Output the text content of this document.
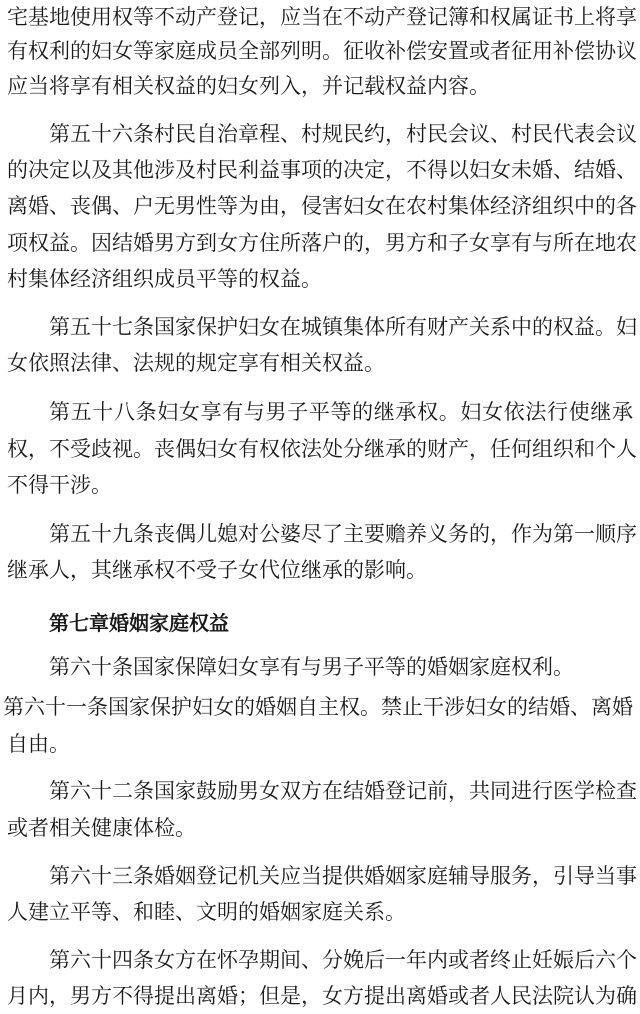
宅基地使用权等不动产登记，应当在不动产登记簿和权属证书上将享
有权利的妇女等家庭成员全部列明。征收补偿安置或者征用补偿协议
应当将享有相关权益的妇女列入，并记载权益内容。
第五十六条村民自治章程、村规民约，村民会议、村民代表会议
的决定以及其他涉及村民利益事项的决定，不得以妇女未婚、结婚、
离婚、丧偶、户无男性等为由，侵害妇女在农村集体经济组织中的各
项权益。因结婚男方到女方住所落户的，男方和子女享有与所在地农
村集体经济组织成员平等的权益。
第五十七条国家保护妇女在城镇集体所有财产关系中的权益。妇
女依照法律、法规的规定享有相关权益。
第五十八条妇女享有与男子平等的继承权。妇女依法行使继承
权，不受歧视。丧偶妇女有权依法处分继承的财产，任何组织和个人
不得干涉。
第五十九条丧偶儿媳对公婆尽了主要赡养义务的，作为第一顺序
继承人，其继承权不受子女代位继承的影响。
第七章婚姻家庭权益
第六十条国家保障妇女享有与男子平等的婚姻家庭权利。
第六十一条国家保护妇女的婚姻自主权。禁止干涉妇女的结婚、离婚
自由。
第六十二条国家鼓励男女双方在结婚登记前，共同进行医学检查
或者相关健康体检。
第六十三条婚姻登记机关应当提供婚姻家庭辅导服务，引导当事
人建立平等、和睦、文明的婚姻家庭关系。
第六十四条女方在怀孕期间、分娩后一年内或者终止妊娠后六个
月内，男方不得提出离婚；但是，女方提出离婚或者人民法院认为确
